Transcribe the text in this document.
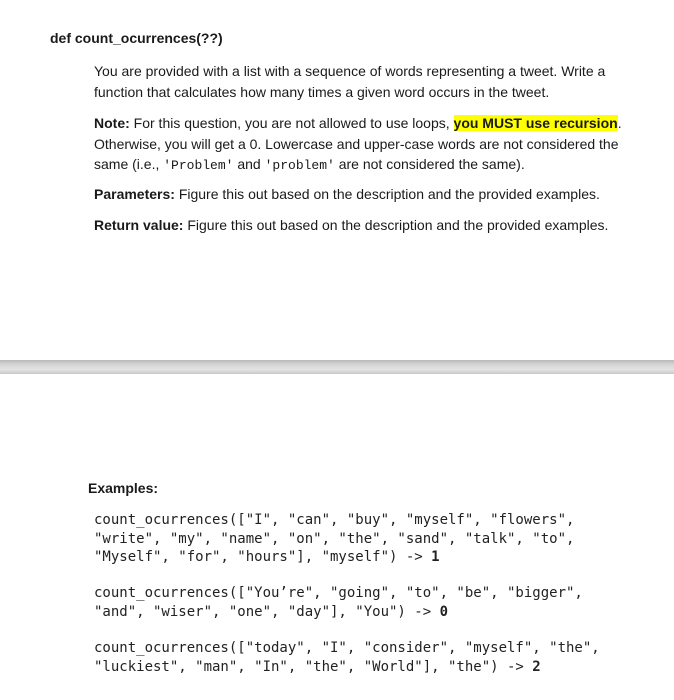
def count_ocurrences(??)
You are provided with a list with a sequence of words representing a tweet. Write a function that calculates how many times a given word occurs in the tweet.
Note: For this question, you are not allowed to use loops, you MUST use recursion. Otherwise, you will get a 0. Lowercase and upper-case words are not considered the same (i.e., 'Problem' and 'problem' are not considered the same).
Parameters: Figure this out based on the description and the provided examples.
Return value: Figure this out based on the description and the provided examples.
Examples:
count_ocurrences(["I", "can", "buy", "myself", "flowers",
"write", "my", "name", "on", "the", "sand", "talk", "to",
"Myself", "for", "hours"], "myself") -> 1
count_ocurrences(["You’re", "going", "to", "be", "bigger",
"and", "wiser", "one", "day"], "You") -> 0
count_ocurrences(["today", "I", "consider", "myself", "the",
"luckiest", "man", "In", "the", "World"], "the") -> 2
